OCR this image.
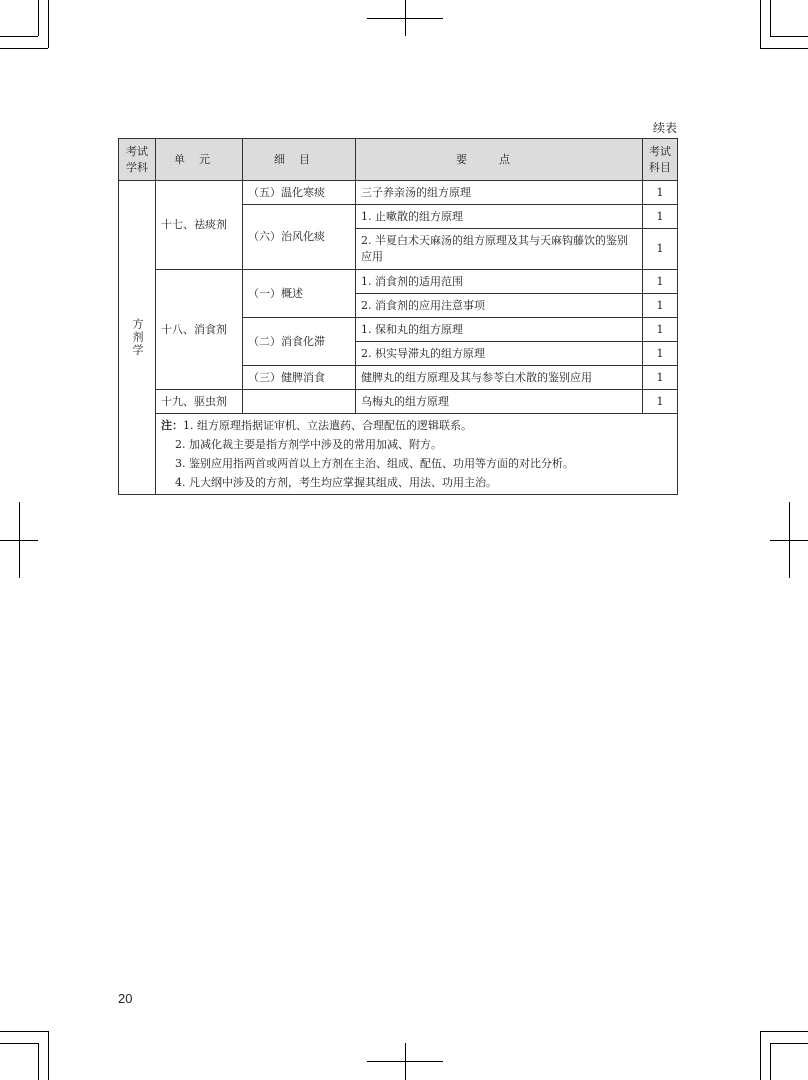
续表
考试学科	单元	细目	要点	考试科目
方剂学	十七、祛痰剂	（五）温化寒痰	三子养亲汤的组方原理	1
		（六）治风化痰	1. 止嗽散的组方原理	1
			2. 半夏白术天麻汤的组方原理及其与天麻钩藤饮的鉴别应用	1
	十八、消食剂	（一）概述	1. 消食剂的适用范围	1
			2. 消食剂的应用注意事项	1
		（二）消食化滞	1. 保和丸的组方原理	1
			2. 枳实导滞丸的组方原理	1
		（三）健脾消食	健脾丸的组方原理及其与参苓白术散的鉴别应用	1
	十九、驱虫剂		乌梅丸的组方原理	1

	注：1. 组方原理指据证审机、立法遣药、合理配伍的逻辑联系。
2. 加减化裁主要是指方剂学中涉及的常用加减、附方。
3. 鉴别应用指两首或两首以上方剂在主治、组成、配伍、功用等方面的对比分析。
4. 凡大纲中涉及的方剂，考生均应掌握其组成、用法、功用主治。			
20
